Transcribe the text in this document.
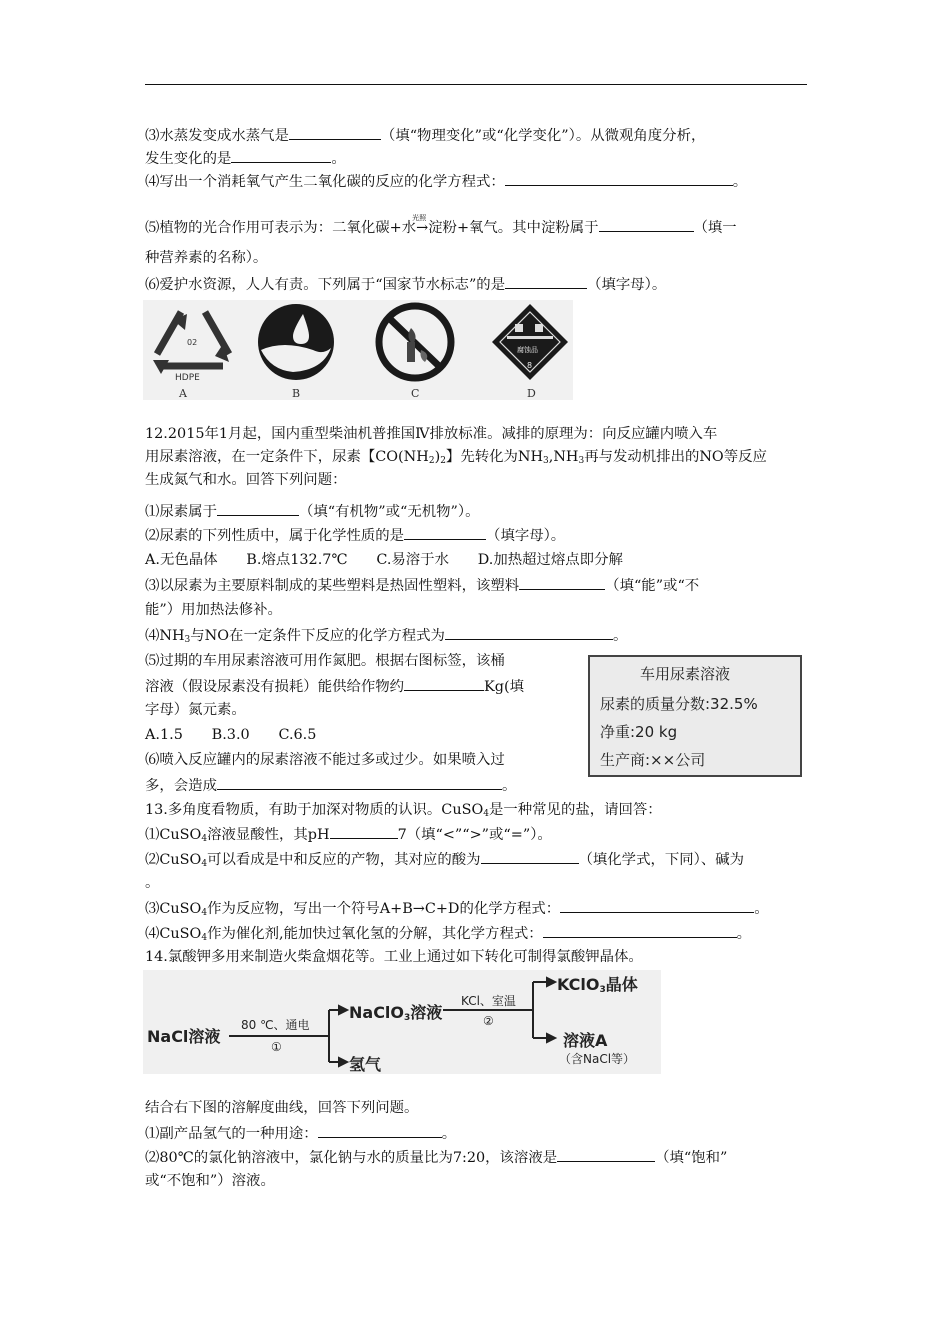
⑶水蒸发变成水蒸气是	（填“物理变化”或“化学变化”）。从微观角度分析，
发生变化的是	。
⑷写出一个消耗氧气产生二氧化碳的反应的化学方程式：	。
⑸植物的光合作用可表示为：二氧化碳+水
光照
→淀粉+氧气。其中淀粉属于	（填一
种营养素的名称）。
⑹爱护水资源，人人有责。下列属于“国家节水标志”的是	（填字母）。
02
HDPE
腐蚀品
8
A	B	C	D
12.2015年1月起，国内重型柴油机普推国Ⅳ排放标准。减排的原理为：向反应罐内喷入车
用尿素溶液，在一定条件下，尿素【$CO(NH_2)_2$】先转化为$NH_3,NH_3$再与发动机排出的NO等反应
生成氮气和水。回答下列问题：
⑴尿素属于	（填“有机物”或“无机物”）。
⑵尿素的下列性质中，属于化学性质的是	（填字母）。
A.无色晶体　　B.熔点132.7℃　　C.易溶于水　　D.加热超过熔点即分解
⑶以尿素为主要原料制成的某些塑料是热固性塑料，该塑料	（填“能”或“不
能”）用加热法修补。
$⑷NH_3$与NO在一定条件下反应的化学方程式为	。
⑸过期的车用尿素溶液可用作氮肥。根据右图标签，该桶
溶液（假设尿素没有损耗）能供给作物约	Kg(填
字母）氮元素。
A.1.5　　B.3.0　　C.6.5
⑹喷入反应罐内的尿素溶液不能过多或过少。如果喷入过
多，会造成	。
车用尿素溶液
尿素的质量分数:32.5%
净重:20 kg
生产商:××公司
13.多角度看物质，有助于加深对物质的认识。CuSO$_4$是一种常见的盐，请回答：
⑴CuSO$_4$溶液显酸性，其pH	7（填“<”“>”或“=”）。
⑵CuSO$_4$可以看成是中和反应的产物，其对应的酸为	（填化学式，下同）、碱为
。
⑶CuSO$_4$作为反应物，写出一个符号A+B→C+D的化学方程式：	。
⑷CuSO$_4$作为催化剂,能加快过氧化氢的分解，其化学方程式：	。
14.氯酸钾多用来制造火柴盒烟花等。工业上通过如下转化可制得氯酸钾晶体。
NaCl溶液
80 ℃、通电
①
NaClO$_3$溶液
氢气
KCl、室温
②
KClO$_3$晶体
溶液A
（含NaCl等）
结合右下图的溶解度曲线，回答下列问题。
⑴副产品氢气的一种用途：	。
⑵80℃的氯化钠溶液中，氯化钠与水的质量比为7:20，该溶液是	（填“饱和”
或“不饱和”）溶液。
